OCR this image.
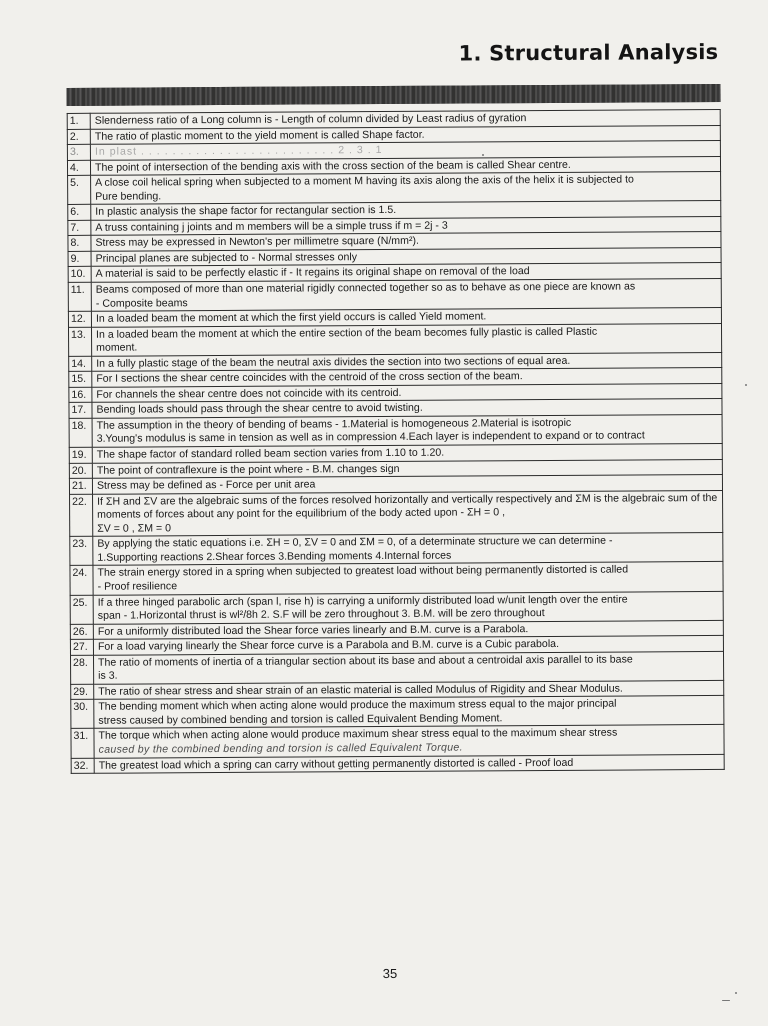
1. Structural Analysis
1.	Slenderness ratio of a Long column is - Length of column divided by Least radius of gyration
2.	The ratio of plastic moment to the yield moment is called Shape factor.
3.	In plast . . . . . . . . . . . . . . . . . . . . . . . . . 2 . 3 . 1
4.	The point of intersection of the bending axis with the cross section of the beam is called Shear centre.
5.	A close coil helical spring when subjected to a moment M having its axis along the axis of the helix it is subjected to
Pure bending.

6.	In plastic analysis the shape factor for rectangular section is 1.5.
7.	A truss containing j joints and m members will be a simple truss if m = 2j - 3
8.	Stress may be expressed in Newton's per millimetre square (N/mm²).
9.	Principal planes are subjected to - Normal stresses only
10.	A material is said to be perfectly elastic if - It regains its original shape on removal of the load
11.	Beams composed of more than one material rigidly connected together so as to behave as one piece are known as
- Composite beams

12.	In a loaded beam the moment at which the first yield occurs is called Yield moment.
13.	In a loaded beam the moment at which the entire section of the beam becomes fully plastic is called Plastic
moment.

14.	In a fully plastic stage of the beam the neutral axis divides the section into two sections of equal area.
15.	For I sections the shear centre coincides with the centroid of the cross section of the beam.
16.	For channels the shear centre does not coincide with its centroid.
17.	Bending loads should pass through the shear centre to avoid twisting.
18.	The assumption in the theory of bending of beams - 1.Material is homogeneous 2.Material is isotropic
3.Young's modulus is same in tension as well as in compression 4.Each layer is independent to expand or to contract

19.	The shape factor of standard rolled beam section varies from 1.10 to 1.20.
20.	The point of contraflexure is the point where - B.M. changes sign
21.	Stress may be defined as - Force per unit area
22.	If ΣH and ΣV are the algebraic sums of the forces resolved horizontally and vertically respectively and ΣM is the algebraic sum of the moments of forces about any point for the equilibrium of the body acted upon - ΣH = 0 ,
ΣV = 0 , ΣM = 0

23.	By applying the static equations i.e. ΣH = 0, ΣV = 0 and ΣM = 0, of a determinate structure we can determine -
1.Supporting reactions 2.Shear forces 3.Bending moments 4.Internal forces

24.	The strain energy stored in a spring when subjected to greatest load without being permanently distorted is called
- Proof resilience

25.	If a three hinged parabolic arch (span l, rise h) is carrying a uniformly distributed load w/unit length over the entire
span - 1.Horizontal thrust is wl²/8h 2. S.F will be zero throughout 3. B.M. will be zero throughout

26.	For a uniformly distributed load the Shear force varies linearly and B.M. curve is a Parabola.
27.	For a load varying linearly the Shear force curve is a Parabola and B.M. curve is a Cubic parabola.
28.	The ratio of moments of inertia of a triangular section about its base and about a centroidal axis parallel to its base
is 3.

29.	The ratio of shear stress and shear strain of an elastic material is called Modulus of Rigidity and Shear Modulus.
30.	The bending moment which when acting alone would produce the maximum stress equal to the major principal
stress caused by combined bending and torsion is called Equivalent Bending Moment.

31.	The torque which when acting alone would produce maximum shear stress equal to the maximum shear stress
caused by the combined bending and torsion is called Equivalent Torque.

32.	The greatest load which a spring can carry without getting permanently distorted is called - Proof load
35
